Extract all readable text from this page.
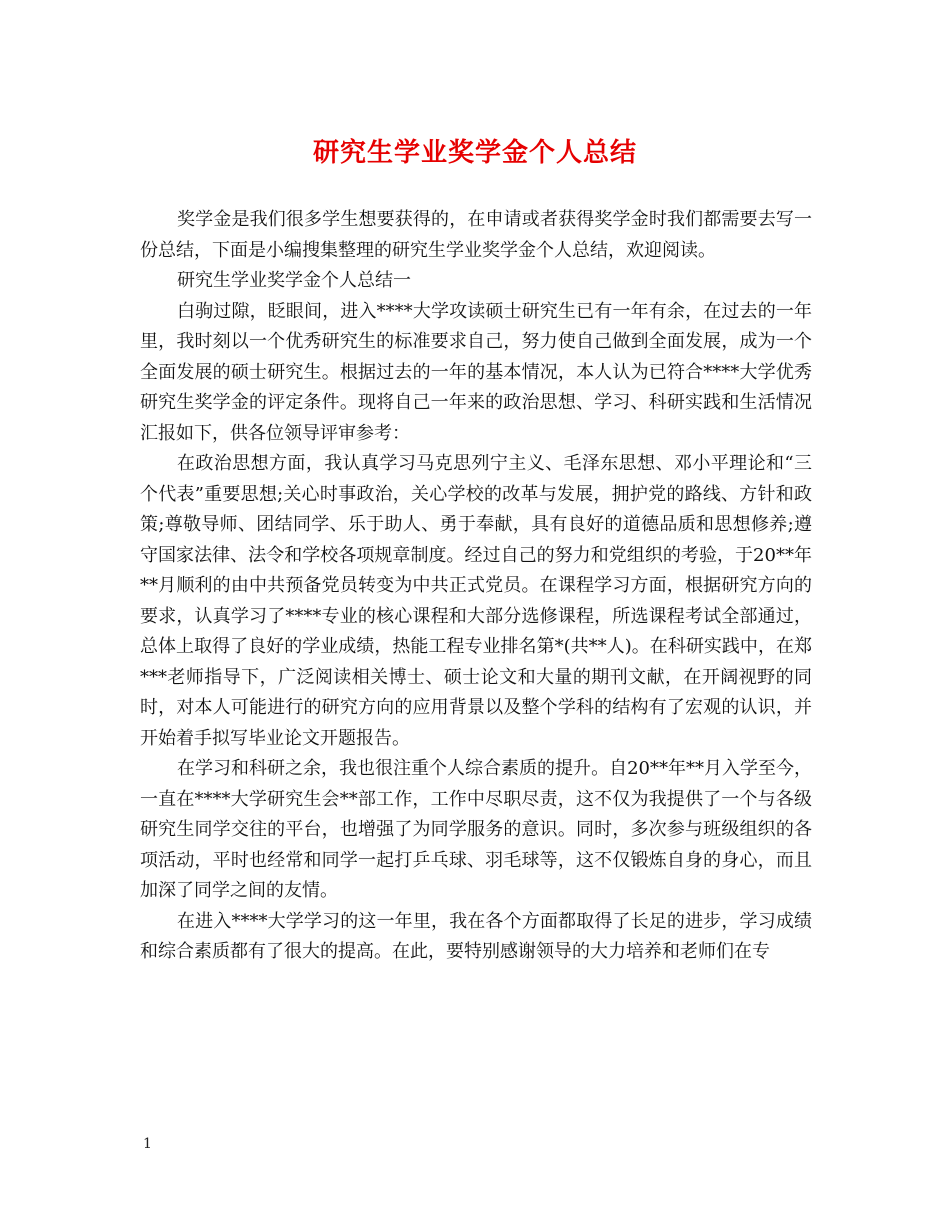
研究生学业奖学金个人总结

奖学金是我们很多学生想要获得的，在申请或者获得奖学金时我们都需要去写一份总结，下面是小编搜集整理的研究生学业奖学金个人总结，欢迎阅读。

研究生学业奖学金个人总结一

白驹过隙，眨眼间，进入****大学攻读硕士研究生已有一年有余，在过去的一年里，我时刻以一个优秀研究生的标准要求自己，努力使自己做到全面发展，成为一个全面发展的硕士研究生。根据过去的一年的基本情况，本人认为已符合****大学优秀研究生奖学金的评定条件。现将自己一年来的政治思想、学习、科研实践和生活情况汇报如下，供各位领导评审参考：

在政治思想方面，我认真学习马克思列宁主义、毛泽东思想、邓小平理论和“三个代表”重要思想;关心时事政治，关心学校的改革与发展，拥护党的路线、方针和政策;尊敬导师、团结同学、乐于助人、勇于奉献，具有良好的道德品质和思想修养;遵守国家法律、法令和学校各项规章制度。经过自己的努力和党组织的考验，于20**年**月顺利的由中共预备党员转变为中共正式党员。在课程学习方面，根据研究方向的要求，认真学习了****专业的核心课程和大部分选修课程，所选课程考试全部通过，总体上取得了良好的学业成绩，热能工程专业排名第*(共**人)。在科研实践中，在郑***老师指导下，广泛阅读相关博士、硕士论文和大量的期刊文献，在开阔视野的同时，对本人可能进行的研究方向的应用背景以及整个学科的结构有了宏观的认识，并开始着手拟写毕业论文开题报告。

在学习和科研之余，我也很注重个人综合素质的提升。自20**年**月入学至今，一直在****大学研究生会**部工作，工作中尽职尽责，这不仅为我提供了一个与各级研究生同学交往的平台，也增强了为同学服务的意识。同时，多次参与班级组织的各项活动，平时也经常和同学一起打乒乓球、羽毛球等，这不仅锻炼自身的身心，而且加深了同学之间的友情。

在进入****大学学习的这一年里，我在各个方面都取得了长足的进步，学习成绩和综合素质都有了很大的提高。在此，要特别感谢领导的大力培养和老师们在专

1
